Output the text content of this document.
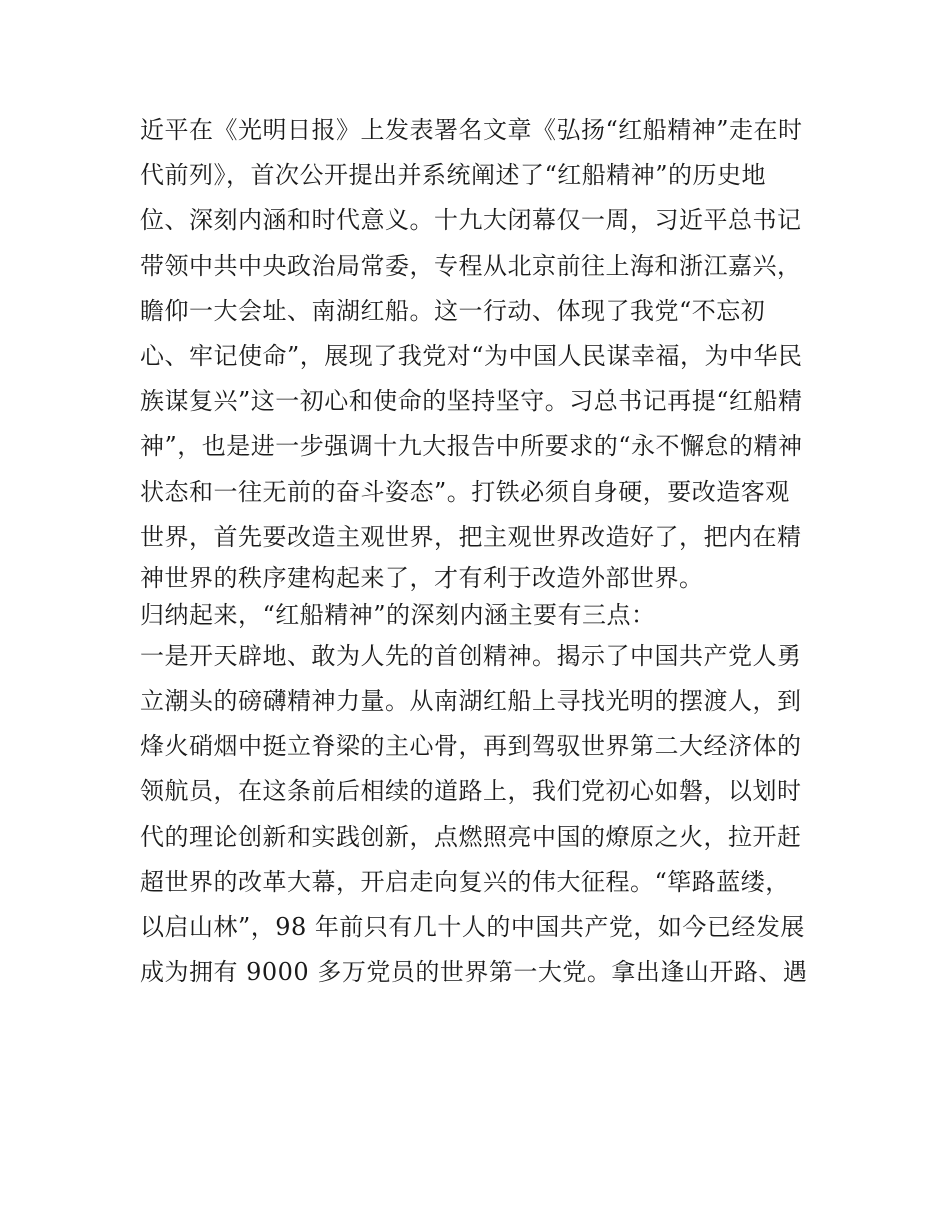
近平在《光明日报》上发表署名文章《弘扬“红船精神”走在时
代前列》，首次公开提出并系统阐述了“红船精神”的历史地
位、深刻内涵和时代意义。十九大闭幕仅一周，习近平总书记
带领中共中央政治局常委，专程从北京前往上海和浙江嘉兴，
瞻仰一大会址、南湖红船。这一行动、体现了我党“不忘初
心、牢记使命”，展现了我党对“为中国人民谋幸福，为中华民
族谋复兴”这一初心和使命的坚持坚守。习总书记再提“红船精
神”，也是进一步强调十九大报告中所要求的“永不懈怠的精神
状态和一往无前的奋斗姿态”。打铁必须自身硬，要改造客观
世界，首先要改造主观世界，把主观世界改造好了，把内在精
神世界的秩序建构起来了，才有利于改造外部世界。
归纳起来，“红船精神”的深刻内涵主要有三点：
一是开天辟地、敢为人先的首创精神。揭示了中国共产党人勇
立潮头的磅礴精神力量。从南湖红船上寻找光明的摆渡人，到
烽火硝烟中挺立脊梁的主心骨，再到驾驭世界第二大经济体的
领航员，在这条前后相续的道路上，我们党初心如磐，以划时
代的理论创新和实践创新，点燃照亮中国的燎原之火，拉开赶
超世界的改革大幕，开启走向复兴的伟大征程。“筚路蓝缕，
以启山林”，98 年前只有几十人的中国共产党，如今已经发展
成为拥有 9000 多万党员的世界第一大党。拿出逢山开路、遇
